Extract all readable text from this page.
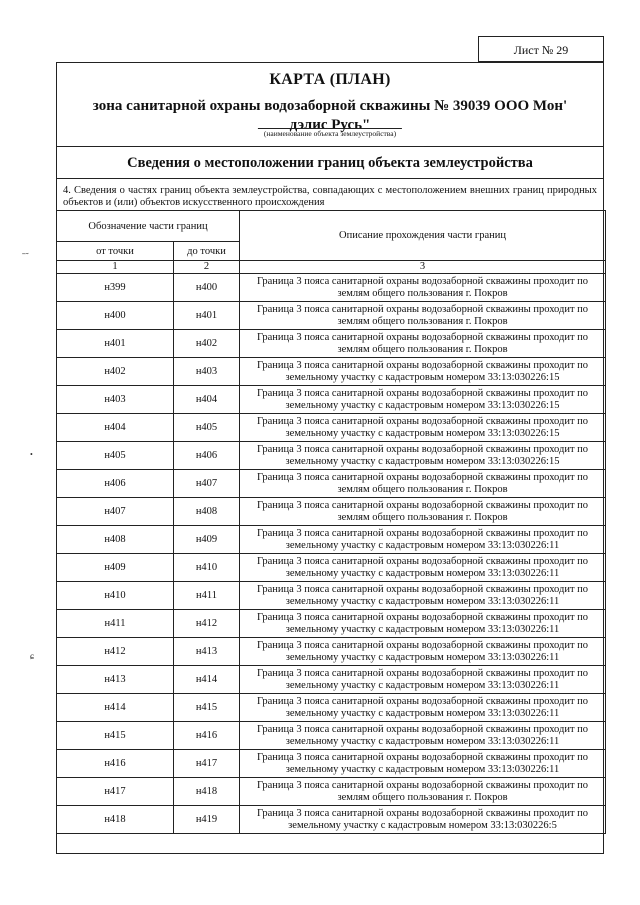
Лист № 29
ˉ˜
•
ɕ
КАРТА (ПЛАН)
зона санитарной охраны водозаборной скважины № 39039 ООО Мон' дэлис Русь"
(наименование объекта землеустройства)
Сведения о местоположении границ объекта землеустройства
4. Сведения о частях границ объекта землеустройства, совпадающих с местоположением внешних границ природных объектов и (или) объектов искусственного происхождения
Обозначение части границ		Описание прохождения части границ
от точки	до точки	
1	2	3
н399	н400	Граница 3 пояса санитарной охраны водозаборной скважины проходит по землям общего пользования г. Покров
н400	н401	Граница 3 пояса санитарной охраны водозаборной скважины проходит по землям общего пользования г. Покров
н401	н402	Граница 3 пояса санитарной охраны водозаборной скважины проходит по землям общего пользования г. Покров
н402	н403	Граница 3 пояса санитарной охраны водозаборной скважины проходит по земельному участку с кадастровым номером 33:13:030226:15
н403	н404	Граница 3 пояса санитарной охраны водозаборной скважины проходит по земельному участку с кадастровым номером 33:13:030226:15
н404	н405	Граница 3 пояса санитарной охраны водозаборной скважины проходит по земельному участку с кадастровым номером 33:13:030226:15
н405	н406	Граница 3 пояса санитарной охраны водозаборной скважины проходит по земельному участку с кадастровым номером 33:13:030226:15
н406	н407	Граница 3 пояса санитарной охраны водозаборной скважины проходит по землям общего пользования г. Покров
н407	н408	Граница 3 пояса санитарной охраны водозаборной скважины проходит по землям общего пользования г. Покров
н408	н409	Граница 3 пояса санитарной охраны водозаборной скважины проходит по земельному участку с кадастровым номером 33:13:030226:11
н409	н410	Граница 3 пояса санитарной охраны водозаборной скважины проходит по земельному участку с кадастровым номером 33:13:030226:11
н410	н411	Граница 3 пояса санитарной охраны водозаборной скважины проходит по земельному участку с кадастровым номером 33:13:030226:11
н411	н412	Граница 3 пояса санитарной охраны водозаборной скважины проходит по земельному участку с кадастровым номером 33:13:030226:11
н412	н413	Граница 3 пояса санитарной охраны водозаборной скважины проходит по земельному участку с кадастровым номером 33:13:030226:11
н413	н414	Граница 3 пояса санитарной охраны водозаборной скважины проходит по земельному участку с кадастровым номером 33:13:030226:11
н414	н415	Граница 3 пояса санитарной охраны водозаборной скважины проходит по земельному участку с кадастровым номером 33:13:030226:11
н415	н416	Граница 3 пояса санитарной охраны водозаборной скважины проходит по земельному участку с кадастровым номером 33:13:030226:11
н416	н417	Граница 3 пояса санитарной охраны водозаборной скважины проходит по земельному участку с кадастровым номером 33:13:030226:11
н417	н418	Граница 3 пояса санитарной охраны водозаборной скважины проходит по землям общего пользования г. Покров
н418	н419	Граница 3 пояса санитарной охраны водозаборной скважины проходит по земельному участку с кадастровым номером 33:13:030226:5
